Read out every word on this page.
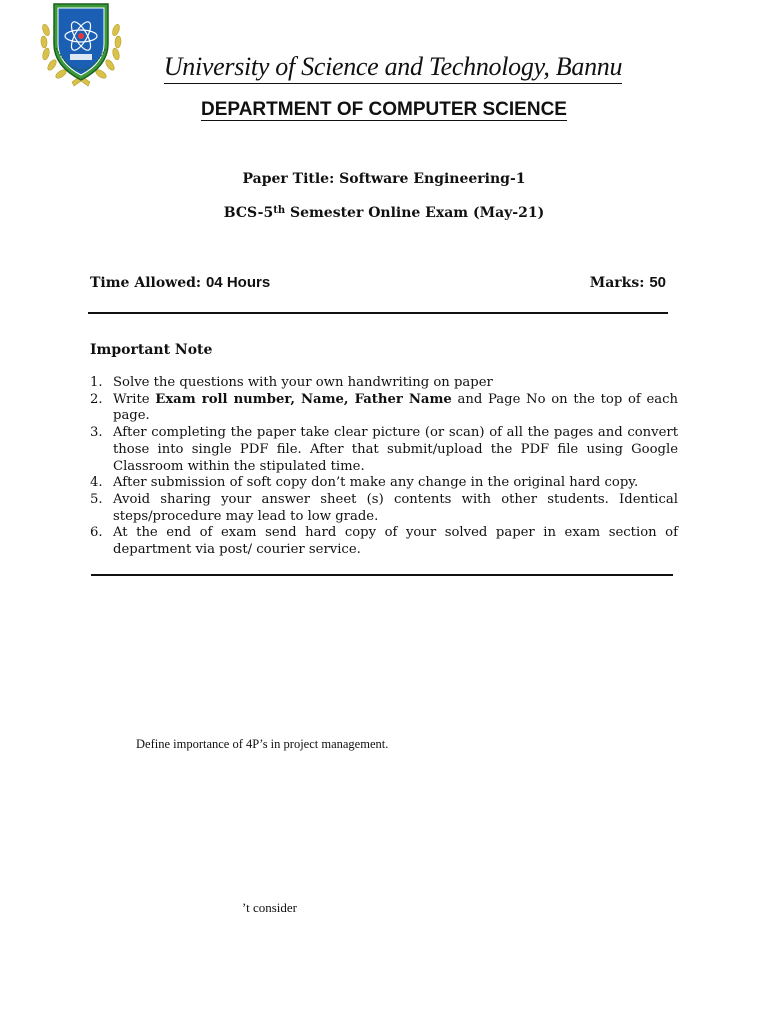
University of Science and Technology, Bannu
DEPARTMENT OF COMPUTER SCIENCE
Paper Title: Software Engineering-1
BCS-5th Semester Online Exam (May-21)
Time Allowed: 04 Hours	Marks: 50
Important Note
1. Solve the questions with your own handwriting on paper
2. Write Exam roll number, Name, Father Name and Page No on the top of each page.
3. After completing the paper take clear picture (or scan) of all the pages and convert those into single PDF file. After that submit/upload the PDF file using Google Classroom within the stipulated time.
4. After submission of soft copy don’t make any change in the original hard copy.
5. Avoid sharing your answer sheet (s) contents with other students. Identical steps/procedure may lead to low grade.
6. At the end of exam send hard copy of your solved paper in exam section of department via post/ courier service.
Define importance of 4P’s in project management.
’t consider
